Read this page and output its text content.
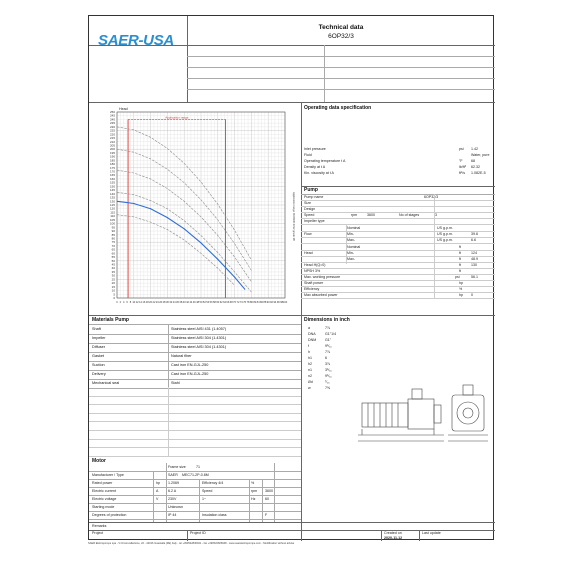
SAER-USA
Technical data
6OP32/3
0
5
10
15
20
25
30
35
40
45
50
55
60
65
70
75
80
85
90
95
100
105
110
115
120
125
130
135
140
145
150
155
160
165
170
175
180
185
190
195
200
205
210
215
220
225
230
235
240
245
250
0 2 4 6 8 10 12 14 16 18 20 22 24 26 28 30 32 34 36 38 40 42 44 46 48 50 52 54 56 58 60 62 64 66 68 70 72 74 76 78 80 82 84 86 88 90 92 94 96 98 100
Head
Application range ISO9906:2012 grade 3B
Application range
Operating data specification
Pump
Materials Pump	Dimensions in inch
Motor
Remarks
Project	Project ID	Created on
2020-11-12
Last update
Inlet pressure	psi 1.42
Fluid	Water, pure
Operating temperature t A	°F 68
Density at t A	lb/ft³ 62.32
Kin. viscosity at t A	ft²/s 1.082E-5
Pump name	6OP32/3
Size
Design
Speed	rpm	3600	No of stages	3
Impeller type
Nominal	US g.p.m.
Flow	Min-	US g.p.m.	39.6
Max-	US g.p.m.	6.6
Nominal	ft
Head	Min-	ft	124
Max-	ft	48.9
Head H(Q=0)	ft	130
NPSH 3%	ft
Max. working pressure	psi	56.1
Shaft power	hp
Efficiency	%
Max absorbed power	hp 0
Shaft	Stainless steel AISI 431 (1.4057)
Impeller	Stainless steel AISI 304 (1.4301)
Diffuser	Stainless steel AISI 304 (1.4301)
Gasket	Natural fiber
Suction	Cast iron EN-GJL-250
Delivery	Cast iron EN-GJL-250
Mechanical seal	Stahl
a	7⅞
DNA	G1"1/4
DNM G1"
f	9⁵⁄₁₆
h	7⅞
h1	6
h2	3⅞
n1	3⁵⁄₁₆
n2	9⁵⁄₁₆
Ød	⁷⁄₁₆
w	7⅝
Frame size	71
Manufacturer / Type	SAER MEC71-2P-0.8M
Rated power	hp 1.2069	Efficiency 4/4	%
Electric current	A	6.2 A	Speed	rpm 3600
Electric voltage	V	230V	1~	Hz	60
Starting mode	Unknown
Degrees of protection	IP 44	Insulation class	F
SAER Elettropompe spa - V.Circonvallazione, 22 - 42016 Guastalla (RE) Italy - tel +390522830941 - fax +390522826948 - www.saerelettropompe.com - Modification without advise
